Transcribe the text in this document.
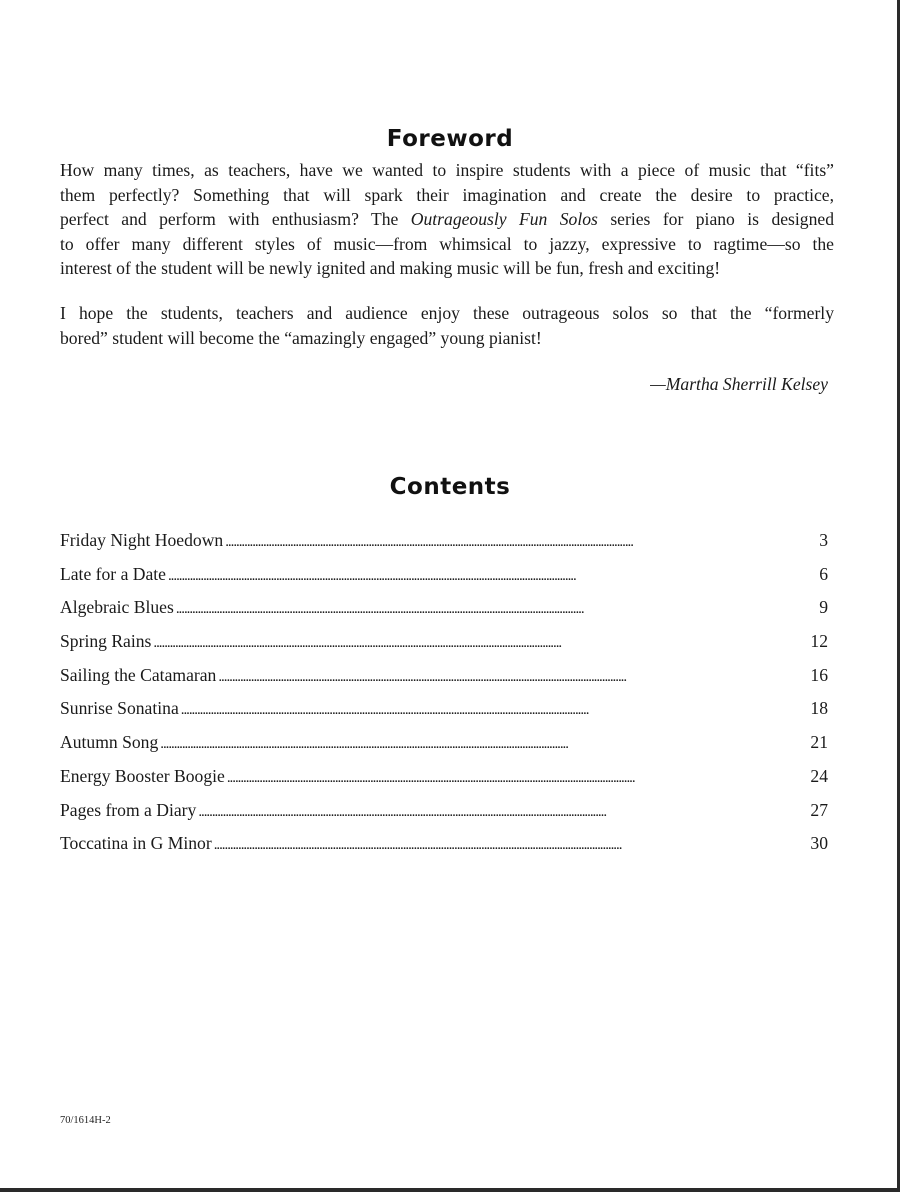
Foreword
How many times, as teachers, have we wanted to inspire students with a piece of music that “fits”
them perfectly? Something that will spark their imagination and create the desire to practice,
perfect and perform with enthusiasm? The Outrageously Fun Solos series for piano is designed
to offer many different styles of music—from whimsical to jazzy, expressive to ragtime—so the
interest of the student will be newly ignited and making music will be fun, fresh and exciting!
I hope the students, teachers and audience enjoy these outrageous solos so that the “formerly
bored” student will become the “amazingly engaged” young pianist!
—Martha Sherrill Kelsey
Contents
Friday Night Hoedown . . .	3
Late for a Date . . .	6
Algebraic Blues . . .	9
Spring Rains . . .	12
Sailing the Catamaran . . .	16
Sunrise Sonatina . . .	18
Autumn Song . . .	21
Energy Booster Boogie . . .	24
Pages from a Diary . . .	27
Toccatina in G Minor . . .	30
70/1614H-2
